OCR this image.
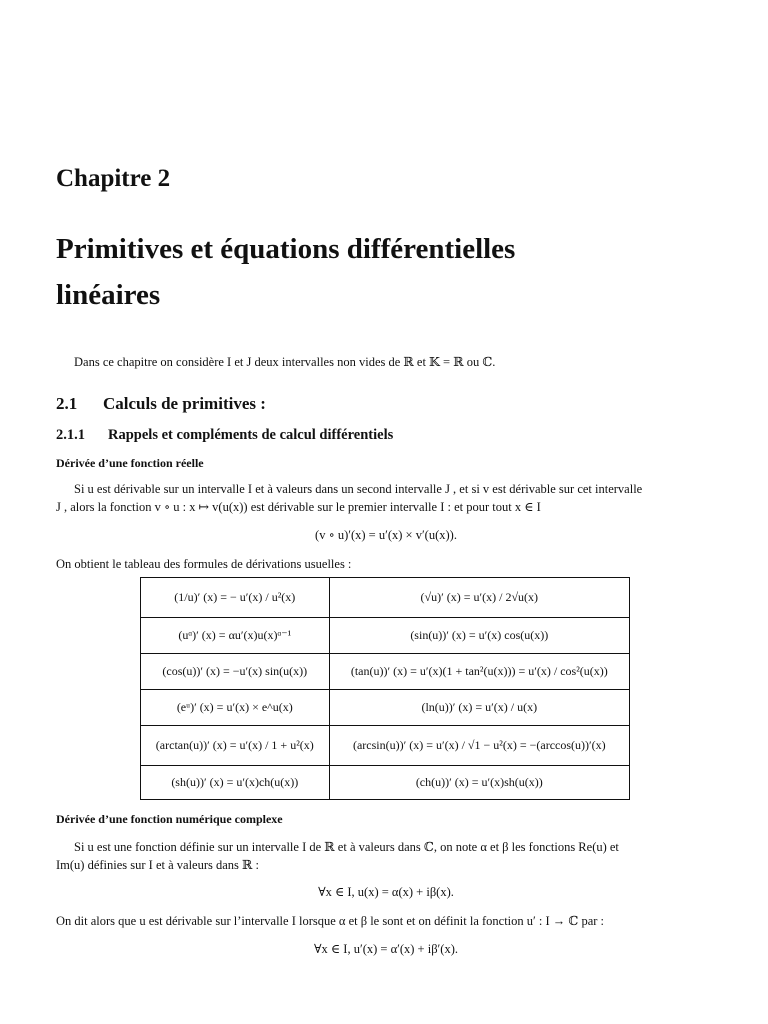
Chapitre 2
Primitives et équations différentielles
linéaires
Dans ce chapitre on considère I et J deux intervalles non vides de ℝ et 𝕂 = ℝ ou ℂ.
2.1 Calculs de primitives :
2.1.1 Rappels et compléments de calcul différentiels
Dérivée d’une fonction réelle
Si u est dérivable sur un intervalle I et à valeurs dans un second intervalle J , et si v est dérivable sur cet intervalle
J , alors la fonction v ∘ u : x ↦ v(u(x)) est dérivable sur le premier intervalle I : et pour tout x ∈ I
(v ∘ u)′(x) = u′(x) × v′(u(x)).
On obtient le tableau des formules de dérivations usuelles :
(1/u)′ (x) = − u′(x) / u²(x)	(√u)′ (x) = u′(x) / 2√u(x)
(uᵅ)′ (x) = αu′(x)u(x)ᵅ⁻¹	(sin(u))′ (x) = u′(x) cos(u(x))
(cos(u))′ (x) = −u′(x) sin(u(x))	(tan(u))′ (x) = u′(x)(1 + tan²(u(x))) = u′(x) / cos²(u(x))
(eᵘ)′ (x) = u′(x) × e^u(x)	(ln(u))′ (x) = u′(x) / u(x)
(arctan(u))′ (x) = u′(x) / 1 + u²(x)	(arcsin(u))′ (x) = u′(x) / √1 − u²(x) = −(arccos(u))′(x)
(sh(u))′ (x) = u′(x)ch(u(x))	(ch(u))′ (x) = u′(x)sh(u(x))
Dérivée d’une fonction numérique complexe
Si u est une fonction définie sur un intervalle I de ℝ et à valeurs dans ℂ, on note α et β les fonctions Re(u) et
Im(u) définies sur I et à valeurs dans ℝ :
∀x ∈ I, u(x) = α(x) + iβ(x).
On dit alors que u est dérivable sur l’intervalle I lorsque α et β le sont et on définit la fonction u′ : I → ℂ par :
∀x ∈ I, u′(x) = α′(x) + iβ′(x).
